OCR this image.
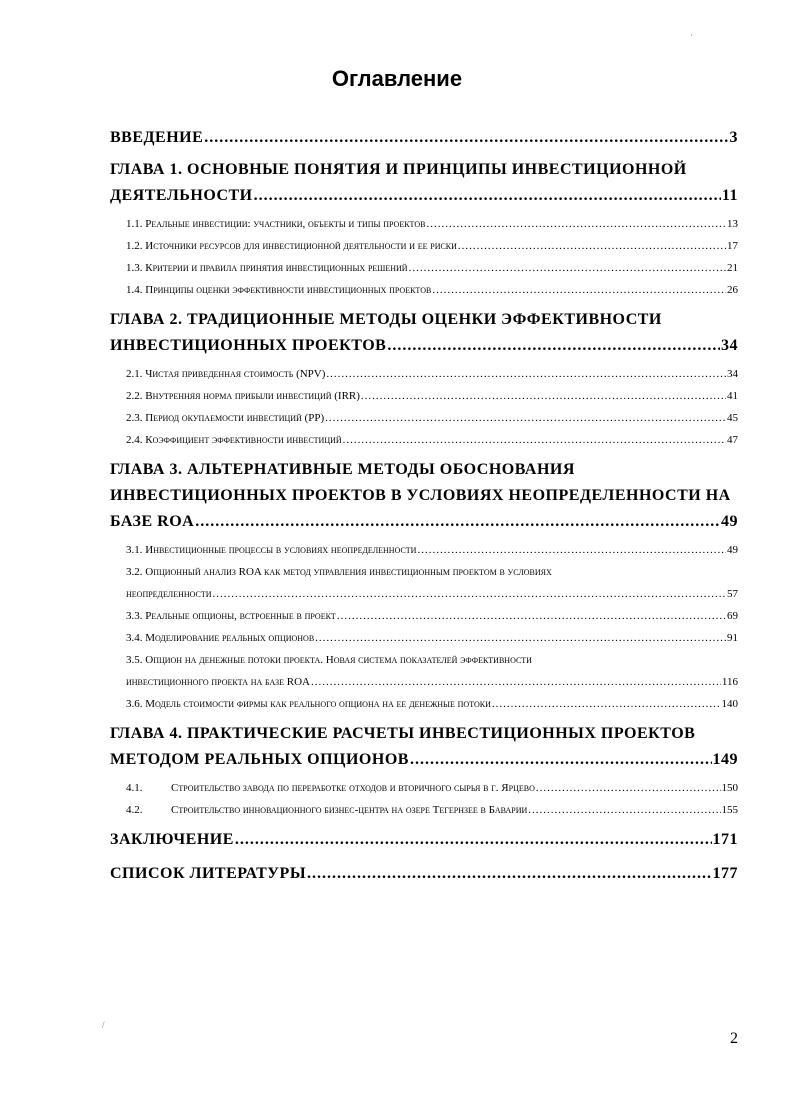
·
/
Оглавление
ВВЕДЕНИЕ .....	3
ГЛАВА 1. ОСНОВНЫЕ ПОНЯТИЯ И ПРИНЦИПЫ ИНВЕСТИЦИОННОЙ
ДЕЯТЕЛЬНОСТИ .....	11
1.1. Реальные инвестиции: участники, объекты и типы проектов .....	13
1.2. Источники ресурсов для инвестиционной деятельности и ее риски .....	17
1.3. Критерии и правила принятия инвестиционных решений .....	21
1.4. Принципы оценки эффективности инвестиционных проектов .....	26
ГЛАВА 2. ТРАДИЦИОННЫЕ МЕТОДЫ ОЦЕНКИ ЭФФЕКТИВНОСТИ
ИНВЕСТИЦИОННЫХ ПРОЕКТОВ .....	34
2.1. Чистая приведенная стоимость (NPV) .....	34
2.2. Внутренняя норма прибыли инвестиций (IRR) .....	41
2.3. Период окупаемости инвестиций (PP) .....	45
2.4. Коэффициент эффективности инвестиций .....	47
ГЛАВА 3. АЛЬТЕРНАТИВНЫЕ МЕТОДЫ ОБОСНОВАНИЯ
ИНВЕСТИЦИОННЫХ ПРОЕКТОВ В УСЛОВИЯХ НЕОПРЕДЕЛЕННОСТИ НА
БАЗЕ ROA .....	49
3.1. Инвестиционные процессы в условиях неопределенности .....	49
3.2. Опционный анализ ROA как метод управления инвестиционным проектом в условиях
неопределенности .....	57
3.3. Реальные опционы, встроенные в проект .....	69
3.4. Моделирование реальных опционов .....	91
3.5. Опцион на денежные потоки проекта. Новая система показателей эффективности
инвестиционного проекта на базе ROA .....	116
3.6. Модель стоимости фирмы как реального опциона на ее денежные потоки .....	140
ГЛАВА 4. ПРАКТИЧЕСКИЕ РАСЧЕТЫ ИНВЕСТИЦИОННЫХ ПРОЕКТОВ
МЕТОДОМ РЕАЛЬНЫХ ОПЦИОНОВ .....	149
4.1.	Строительство завода по переработке отходов и вторичного сырья в г. Ярцево .....	150
4.2.	Строительство инновационного бизнес-центра на озере Тегернзее в Баварии .....	155
ЗАКЛЮЧЕНИЕ .....	171
СПИСОК ЛИТЕРАТУРЫ .....	177
2
